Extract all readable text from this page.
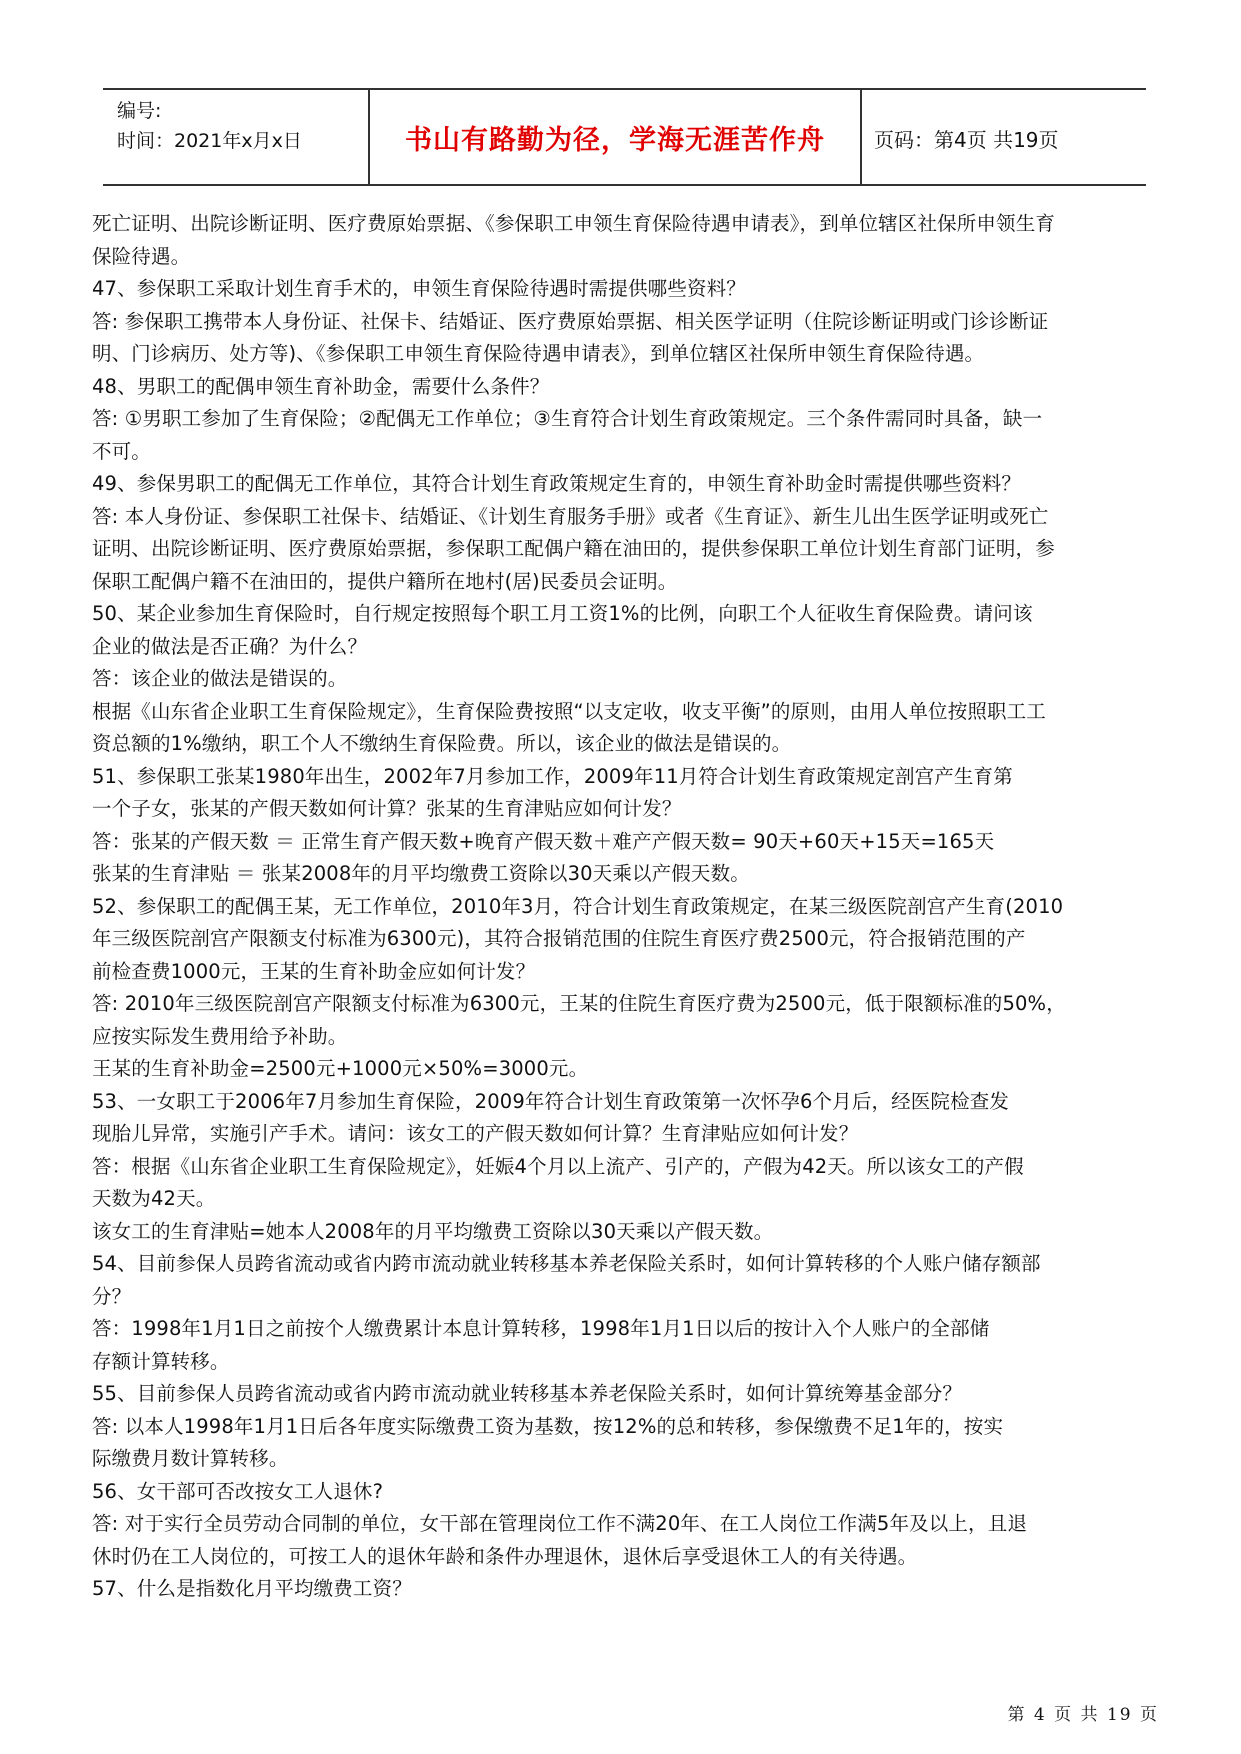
编号:
时间：2021年x月x日	书山有路勤为径，学海无涯苦作舟	页码：第4页 共19页
死亡证明、出院诊断证明、医疗费原始票据、《参保职工申领生育保险待遇申请表》，到单位辖区社保所申领生育
保险待遇。
47、参保职工采取计划生育手术的，申领生育保险待遇时需提供哪些资料？
答: 参保职工携带本人身份证、社保卡、结婚证、医疗费原始票据、相关医学证明（住院诊断证明或门诊诊断证
明、门诊病历、处方等)、《参保职工申领生育保险待遇申请表》，到单位辖区社保所申领生育保险待遇。
48、男职工的配偶申领生育补助金，需要什么条件？
答: ①男职工参加了生育保险；②配偶无工作单位；③生育符合计划生育政策规定。三个条件需同时具备，缺一
不可。
49、参保男职工的配偶无工作单位，其符合计划生育政策规定生育的，申领生育补助金时需提供哪些资料？
答: 本人身份证、参保职工社保卡、结婚证、《计划生育服务手册》或者《生育证》、新生儿出生医学证明或死亡
证明、出院诊断证明、医疗费原始票据，参保职工配偶户籍在油田的，提供参保职工单位计划生育部门证明，参
保职工配偶户籍不在油田的，提供户籍所在地村(居)民委员会证明。
50、某企业参加生育保险时，自行规定按照每个职工月工资1%的比例，向职工个人征收生育保险费。请问该
企业的做法是否正确？为什么？
答：该企业的做法是错误的。
根据《山东省企业职工生育保险规定》，生育保险费按照“以支定收，收支平衡”的原则，由用人单位按照职工工
资总额的1%缴纳，职工个人不缴纳生育保险费。所以，该企业的做法是错误的。
51、参保职工张某1980年出生，2002年7月参加工作，2009年11月符合计划生育政策规定剖宫产生育第
一个子女，张某的产假天数如何计算？张某的生育津贴应如何计发？
答：张某的产假天数 ＝ 正常生育产假天数+晚育产假天数＋难产产假天数= 90天+60天+15天=165天
张某的生育津贴 ＝ 张某2008年的月平均缴费工资除以30天乘以产假天数。
52、参保职工的配偶王某，无工作单位，2010年3月，符合计划生育政策规定，在某三级医院剖宫产生育(2010
年三级医院剖宫产限额支付标准为6300元)，其符合报销范围的住院生育医疗费2500元，符合报销范围的产
前检查费1000元，王某的生育补助金应如何计发？
答: 2010年三级医院剖宫产限额支付标准为6300元，王某的住院生育医疗费为2500元，低于限额标准的50%，
应按实际发生费用给予补助。
王某的生育补助金=2500元+1000元×50%=3000元。
53、一女职工于2006年7月参加生育保险，2009年符合计划生育政策第一次怀孕6个月后，经医院检查发
现胎儿异常，实施引产手术。请问：该女工的产假天数如何计算？生育津贴应如何计发？
答：根据《山东省企业职工生育保险规定》，妊娠4个月以上流产、引产的，产假为42天。所以该女工的产假
天数为42天。
该女工的生育津贴=她本人2008年的月平均缴费工资除以30天乘以产假天数。
54、目前参保人员跨省流动或省内跨市流动就业转移基本养老保险关系时，如何计算转移的个人账户储存额部
分？
答：1998年1月1日之前按个人缴费累计本息计算转移，1998年1月1日以后的按计入个人账户的全部储
存额计算转移。
55、目前参保人员跨省流动或省内跨市流动就业转移基本养老保险关系时，如何计算统筹基金部分？
答: 以本人1998年1月1日后各年度实际缴费工资为基数，按12%的总和转移，参保缴费不足1年的，按实
际缴费月数计算转移。
56、女干部可否改按女工人退休?
答: 对于实行全员劳动合同制的单位，女干部在管理岗位工作不满20年、在工人岗位工作满5年及以上，且退
休时仍在工人岗位的，可按工人的退休年龄和条件办理退休，退休后享受退休工人的有关待遇。
57、什么是指数化月平均缴费工资？
第 4 页 共 19 页
